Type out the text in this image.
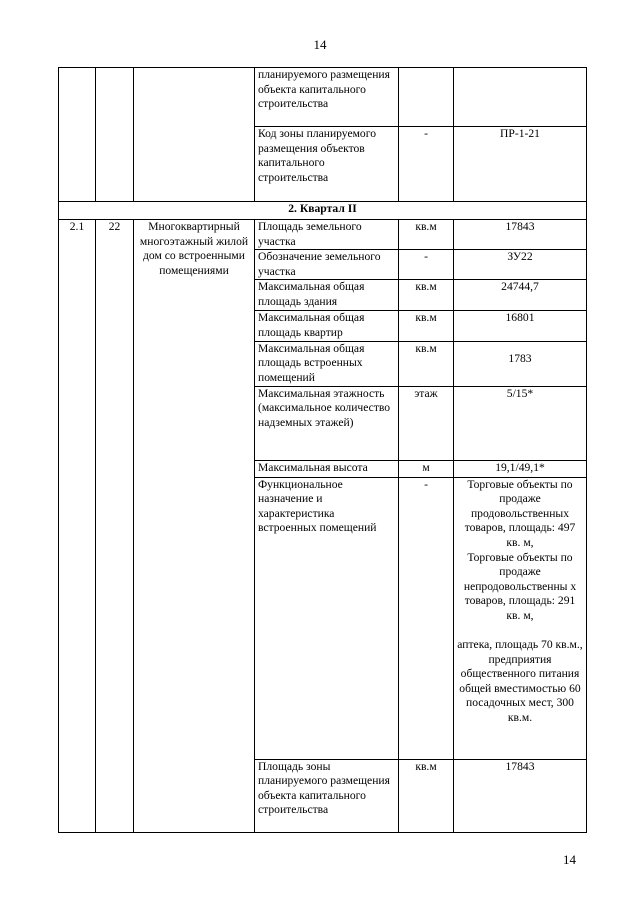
14
			планируемого размещения объекта капитального строительства		
			Код зоны планируемого размещения объектов капитального строительства	-	ПР-1-21
2. Квартал II					
2.1	22	Многоквартирный многоэтажный жилой дом со встроенными помещениями	Площадь земельного участка	кв.м	17843
			Обозначение земельного участка	-	ЗУ22
			Максимальная общая площадь здания	кв.м	24744,7
			Максимальная общая площадь квартир	кв.м	16801
			Максимальная общая площадь встроенных помещений	кв.м	1783
			Максимальная этажность (максимальное количество надземных этажей)	этаж	5/15*
			Максимальная высота	м	19,1/49,1*
			Функциональное назначение и характеристика встроенных помещений	-	Торговые объекты по продаже продовольственных товаров, площадь: 497 кв. м,
Торговые объекты по продаже непродовольственны х товаров, площадь: 291 кв. м,
аптека, площадь 70 кв.м., предприятия общественного питания общей вместимостью 60 посадочных мест, 300 кв.м.
			Площадь зоны планируемого размещения объекта капитального строительства	кв.м	17843
14
